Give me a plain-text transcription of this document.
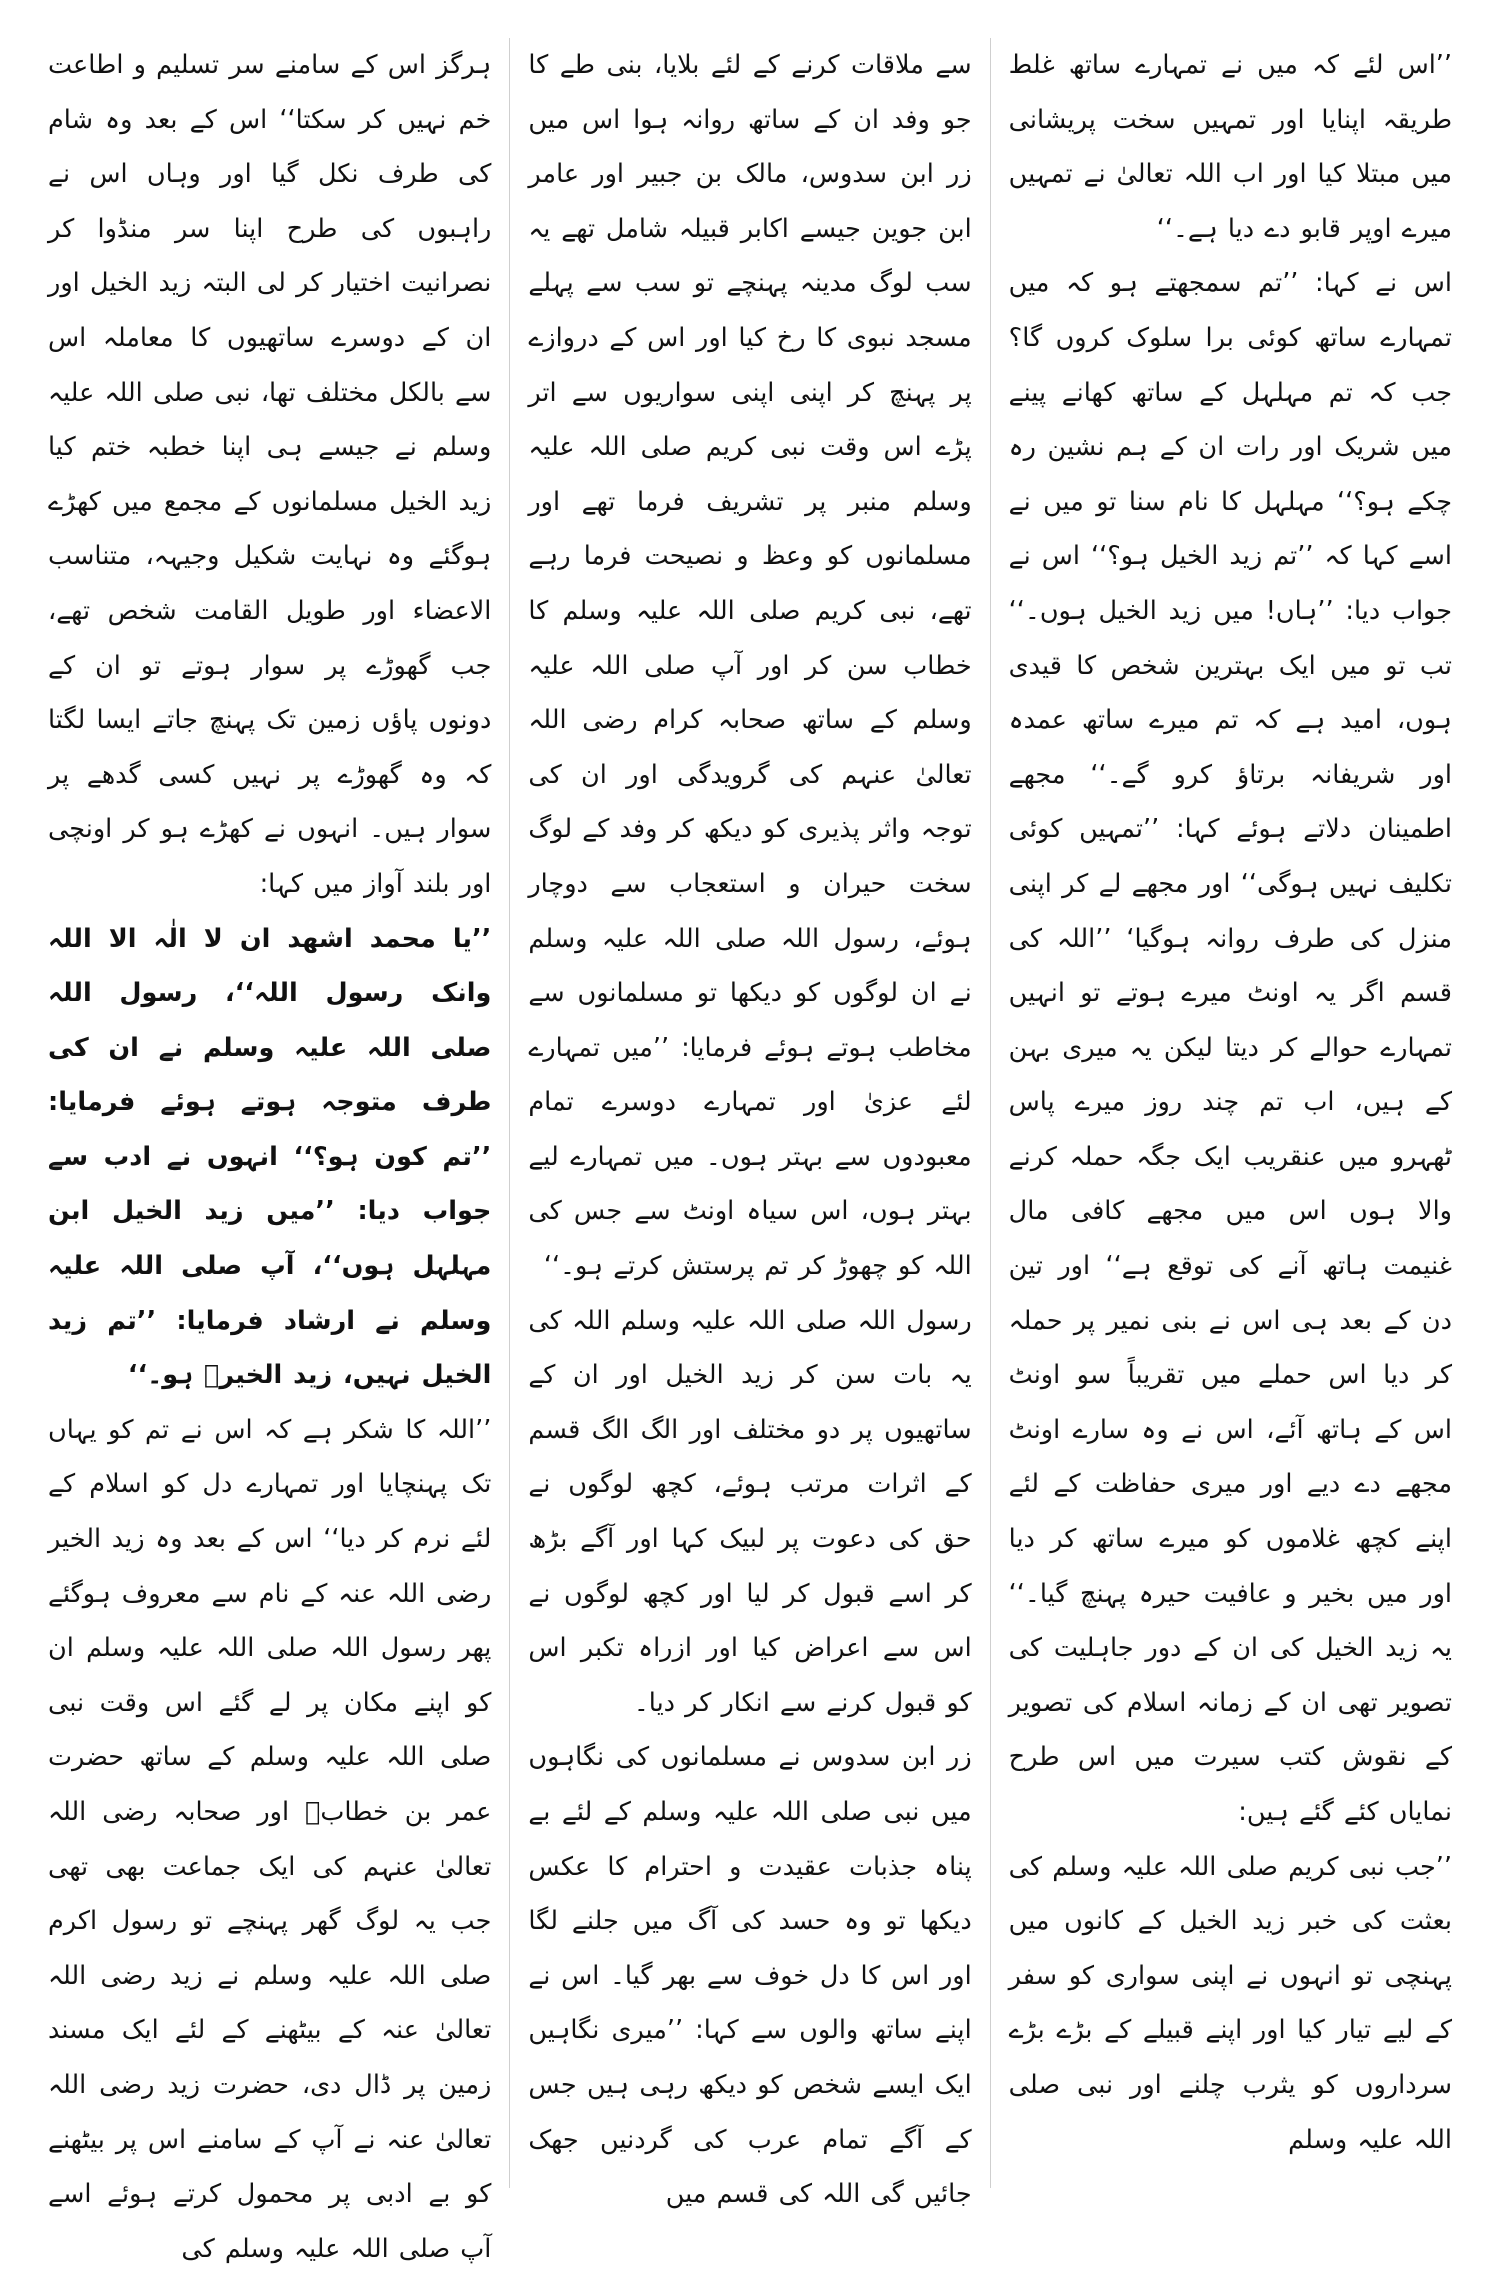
’’اس لئے کہ میں نے تمہارے ساتھ غلط طریقہ اپنایا اور تمہیں سخت پریشانی میں مبتلا کیا اور اب اللہ تعالیٰ نے تمہیں میرے اوپر قابو دے دیا ہے۔‘‘

اس نے کہا: ’’تم سمجھتے ہو کہ میں تمہارے ساتھ کوئی برا سلوک کروں گا؟ جب کہ تم مہلہل کے ساتھ کھانے پینے میں شریک اور رات ان کے ہم نشین رہ چکے ہو؟‘‘ مہلہل کا نام سنا تو میں نے اسے کہا کہ ’’تم زید الخیل ہو؟‘‘ اس نے جواب دیا: ’’ہاں! میں زید الخیل ہوں۔‘‘ تب تو میں ایک بہترین شخص کا قیدی ہوں، امید ہے کہ تم میرے ساتھ عمدہ اور شریفانہ برتاؤ کرو گے۔‘‘ مجھے اطمینان دلاتے ہوئے کہا: ’’تمہیں کوئی تکلیف نہیں ہوگی‘‘ اور مجھے لے کر اپنی منزل کی طرف روانہ ہوگیا‘ ’’اللہ کی قسم اگر یہ اونٹ میرے ہوتے تو انہیں تمہارے حوالے کر دیتا لیکن یہ میری بہن کے ہیں، اب تم چند روز میرے پاس ٹھہرو میں عنقریب ایک جگہ حملہ کرنے والا ہوں اس میں مجھے کافی مال غنیمت ہاتھ آنے کی توقع ہے‘‘ اور تین دن کے بعد ہی اس نے بنی نمیر پر حملہ کر دیا اس حملے میں تقریباً سو اونٹ اس کے ہاتھ آئے، اس نے وہ سارے اونٹ مجھے دے دیے اور میری حفاظت کے لئے اپنے کچھ غلاموں کو میرے ساتھ کر دیا اور میں بخیر و عافیت حیرہ پہنچ گیا۔‘‘ یہ زید الخیل کی ان کے دور جاہلیت کی تصویر تھی ان کے زمانہ اسلام کی تصویر کے نقوش کتب سیرت میں اس طرح نمایاں کئے گئے ہیں:

’’جب نبی کریم صلی اللہ علیہ وسلم کی بعثت کی خبر زید الخیل کے کانوں میں پہنچی تو انہوں نے اپنی سواری کو سفر کے لیے تیار کیا اور اپنے قبیلے کے بڑے بڑے سرداروں کو یثرب چلنے اور نبی صلی اللہ علیہ وسلم

سے ملاقات کرنے کے لئے بلایا، بنی طے کا جو وفد ان کے ساتھ روانہ ہوا اس میں زر ابن سدوس، مالک بن جبیر اور عامر ابن جوین جیسے اکابر قبیلہ شامل تھے یہ سب لوگ مدینہ پہنچے تو سب سے پہلے مسجد نبوی کا رخ کیا اور اس کے دروازے پر پہنچ کر اپنی اپنی سواریوں سے اتر پڑے اس وقت نبی کریم صلی اللہ علیہ وسلم منبر پر تشریف فرما تھے اور مسلمانوں کو وعظ و نصیحت فرما رہے تھے، نبی کریم صلی اللہ علیہ وسلم کا خطاب سن کر اور آپ صلی اللہ علیہ وسلم کے ساتھ صحابہ کرام رضی اللہ تعالیٰ عنہم کی گرویدگی اور ان کی توجہ واثر پذیری کو دیکھ کر وفد کے لوگ سخت حیران و استعجاب سے دوچار ہوئے، رسول اللہ صلی اللہ علیہ وسلم نے ان لوگوں کو دیکھا تو مسلمانوں سے مخاطب ہوتے ہوئے فرمایا: ’’میں تمہارے لئے عزیٰ اور تمہارے دوسرے تمام معبودوں سے بہتر ہوں۔ میں تمہارے لیے بہتر ہوں، اس سیاہ اونٹ سے جس کی اللہ کو چھوڑ کر تم پرستش کرتے ہو۔‘‘

رسول اللہ صلی اللہ علیہ وسلم اللہ کی یہ بات سن کر زید الخیل اور ان کے ساتھیوں پر دو مختلف اور الگ الگ قسم کے اثرات مرتب ہوئے، کچھ لوگوں نے حق کی دعوت پر لبیک کہا اور آگے بڑھ کر اسے قبول کر لیا اور کچھ لوگوں نے اس سے اعراض کیا اور ازراہ تکبر اس کو قبول کرنے سے انکار کر دیا۔

زر ابن سدوس نے مسلمانوں کی نگاہوں میں نبی صلی اللہ علیہ وسلم کے لئے بے پناہ جذبات عقیدت و احترام کا عکس دیکھا تو وہ حسد کی آگ میں جلنے لگا اور اس کا دل خوف سے بھر گیا۔ اس نے اپنے ساتھ والوں سے کہا: ’’میری نگاہیں ایک ایسے شخص کو دیکھ رہی ہیں جس کے آگے تمام عرب کی گردنیں جھک جائیں گی اللہ کی قسم میں

ہرگز اس کے سامنے سر تسلیم و اطاعت خم نہیں کر سکتا‘‘ اس کے بعد وہ شام کی طرف نکل گیا اور وہاں اس نے راہبوں کی طرح اپنا سر منڈوا کر نصرانیت اختیار کر لی البتہ زید الخیل اور ان کے دوسرے ساتھیوں کا معاملہ اس سے بالکل مختلف تھا، نبی صلی اللہ علیہ وسلم نے جیسے ہی اپنا خطبہ ختم کیا زید الخیل مسلمانوں کے مجمع میں کھڑے ہوگئے وہ نہایت شکیل وجیہہ، متناسب الاعضاء اور طویل القامت شخص تھے، جب گھوڑے پر سوار ہوتے تو ان کے دونوں پاؤں زمین تک پہنچ جاتے ایسا لگتا کہ وہ گھوڑے پر نہیں کسی گدھے پر سوار ہیں۔ انہوں نے کھڑے ہو کر اونچی اور بلند آواز میں کہا:

’’یا محمد اشھد ان لا الٰہ الا اللہ وانک رسول اللہ‘‘، رسول اللہ صلی اللہ علیہ وسلم نے ان کی طرف متوجہ ہوتے ہوئے فرمایا: ’’تم کون ہو؟‘‘ انہوں نے ادب سے جواب دیا: ’’میں زید الخیل ابن مہلہل ہوں‘‘، آپ صلی اللہ علیہ وسلم نے ارشاد فرمایا: ’’تم زید الخیل نہیں، زید الخیرؓ ہو۔‘‘

’’اللہ کا شکر ہے کہ اس نے تم کو یہاں تک پہنچایا اور تمہارے دل کو اسلام کے لئے نرم کر دیا‘‘ اس کے بعد وہ زید الخیر رضی اللہ عنہ کے نام سے معروف ہوگئے پھر رسول اللہ صلی اللہ علیہ وسلم ان کو اپنے مکان پر لے گئے اس وقت نبی صلی اللہ علیہ وسلم کے ساتھ حضرت عمر بن خطابؓ اور صحابہ رضی اللہ تعالیٰ عنہم کی ایک جماعت بھی تھی جب یہ لوگ گھر پہنچے تو رسول اکرم صلی اللہ علیہ وسلم نے زید رضی اللہ تعالیٰ عنہ کے بیٹھنے کے لئے ایک مسند زمین پر ڈال دی، حضرت زید رضی اللہ تعالیٰ عنہ نے آپ کے سامنے اس پر بیٹھنے کو بے ادبی پر محمول کرتے ہوئے اسے آپ صلی اللہ علیہ وسلم کی
